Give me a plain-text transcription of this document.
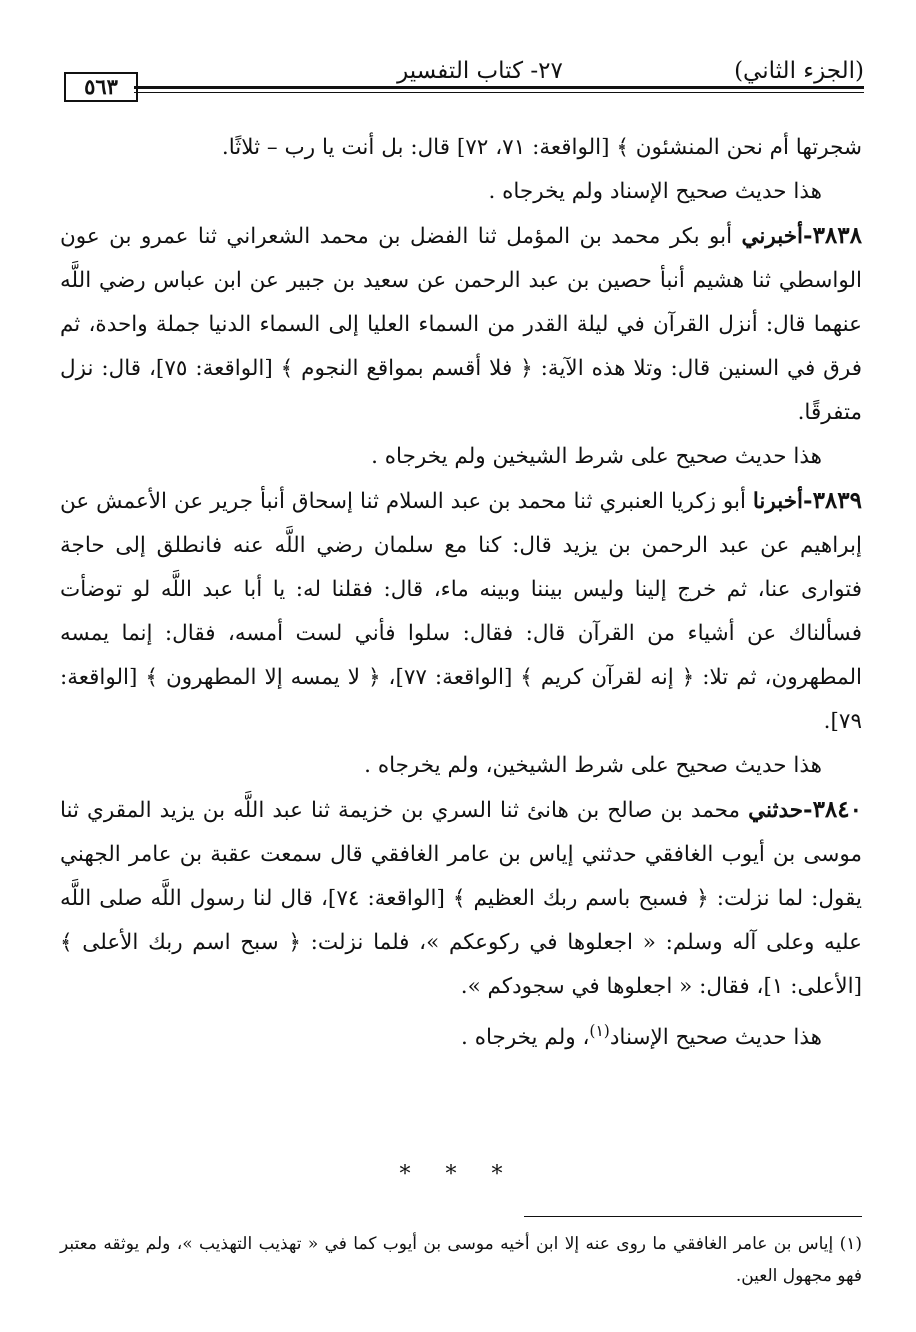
(الجزء الثاني)
٢٧- كتاب التفسير
٥٦٣

شجرتها أم نحن المنشئون ﴾ [الواقعة: ٧١، ٧٢] قال: بل أنت يا رب – ثلاثًا.

هذا حديث صحيح الإسناد ولم يخرجاه .

٣٨٣٨-أخبرني أبو بكر محمد بن المؤمل ثنا الفضل بن محمد الشعراني ثنا عمرو بن عون الواسطي ثنا هشيم أنبأ حصين بن عبد الرحمن عن سعيد بن جبير عن ابن عباس رضي اللَّه عنهما قال: أنزل القرآن في ليلة القدر من السماء العليا إلى السماء الدنيا جملة واحدة، ثم فرق في السنين قال: وتلا هذه الآية: ﴿ فلا أقسم بمواقع النجوم ﴾ [الواقعة: ٧٥]، قال: نزل متفرقًا.

هذا حديث صحيح على شرط الشيخين ولم يخرجاه .

٣٨٣٩-أخبرنا أبو زكريا العنبري ثنا محمد بن عبد السلام ثنا إسحاق أنبأ جرير عن الأعمش عن إبراهيم عن عبد الرحمن بن يزيد قال: كنا مع سلمان رضي اللَّه عنه فانطلق إلى حاجة فتوارى عنا، ثم خرج إلينا وليس بيننا وبينه ماء، قال: فقلنا له: يا أبا عبد اللَّه لو توضأت فسألناك عن أشياء من القرآن قال: فقال: سلوا فأني لست أمسه، فقال: إنما يمسه المطهرون، ثم تلا: ﴿ إنه لقرآن كريم ﴾ [الواقعة: ٧٧]، ﴿ لا يمسه إلا المطهرون ﴾ [الواقعة: ٧٩].

هذا حديث صحيح على شرط الشيخين، ولم يخرجاه .

٣٨٤٠-حدثني محمد بن صالح بن هانئ ثنا السري بن خزيمة ثنا عبد اللَّه بن يزيد المقري ثنا موسى بن أيوب الغافقي حدثني إياس بن عامر الغافقي قال سمعت عقبة بن عامر الجهني يقول: لما نزلت: ﴿ فسبح باسم ربك العظيم ﴾ [الواقعة: ٧٤]، قال لنا رسول اللَّه صلى اللَّه عليه وعلى آله وسلم: « اجعلوها في ركوعكم »، فلما نزلت: ﴿ سبح اسم ربك الأعلى ﴾ [الأعلى: ١]، فقال: « اجعلوها في سجودكم ».

هذا حديث صحيح الإسناد$^{(١)}$، ولم يخرجاه .

* * *

(١) إياس بن عامر الغافقي ما روى عنه إلا ابن أخيه موسى بن أيوب كما في « تهذيب التهذيب »، ولم يوثقه معتبر فهو مجهول العين.
